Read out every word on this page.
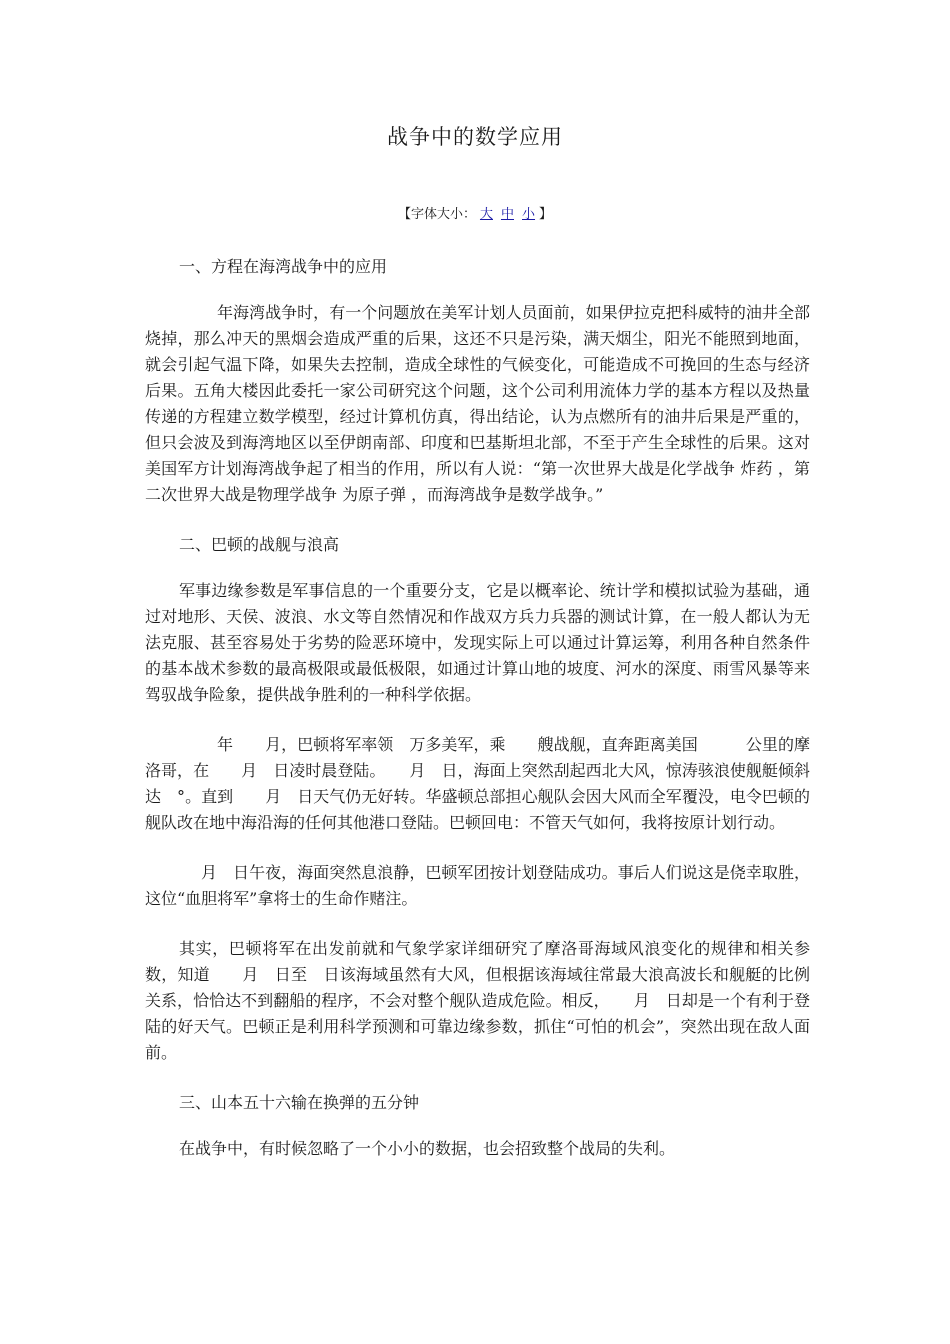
战争中的数学应用
【字体大小： 大 中 小 】
一、方程在海湾战争中的应用

年海湾战争时，有一个问题放在美军计划人员面前，如果伊拉克把科威特的油井全部烧掉，那么冲天的黑烟会造成严重的后果，这还不只是污染，满天烟尘，阳光不能照到地面，就会引起气温下降，如果失去控制，造成全球性的气候变化，可能造成不可挽回的生态与经济后果。五角大楼因此委托一家公司研究这个问题，这个公司利用流体力学的基本方程以及热量传递的方程建立数学模型，经过计算机仿真，得出结论，认为点燃所有的油井后果是严重的，但只会波及到海湾地区以至伊朗南部、印度和巴基斯坦北部，不至于产生全球性的后果。这对美国军方计划海湾战争起了相当的作用，所以有人说：“第一次世界大战是化学战争 炸药 ，第二次世界大战是物理学战争 为原子弹 ，而海湾战争是数学战争。”

二、巴顿的战舰与浪高

军事边缘参数是军事信息的一个重要分支，它是以概率论、统计学和模拟试验为基础，通过对地形、天侯、波浪、水文等自然情况和作战双方兵力兵器的测试计算，在一般人都认为无法克服、甚至容易处于劣势的险恶环境中，发现实际上可以通过计算运筹，利用各种自然条件的基本战术参数的最高极限或最低极限，如通过计算山地的坡度、河水的深度、雨雪风暴等来驾驭战争险象，提供战争胜利的一种科学依据。

年　　月，巴顿将军率领　万多美军，乘　　艘战舰，直奔距离美国　　　公里的摩洛哥，在　　月　日凌时晨登陆。　　月　日，海面上突然刮起西北大风，惊涛骇浪使舰艇倾斜达　°。直到　　月　日天气仍无好转。华盛顿总部担心舰队会因大风而全军覆没，电令巴顿的舰队改在地中海沿海的任何其他港口登陆。巴顿回电：不管天气如何，我将按原计划行动。

月　日午夜，海面突然息浪静，巴顿军团按计划登陆成功。事后人们说这是侥幸取胜，这位“血胆将军”拿将士的生命作赌注。

其实，巴顿将军在出发前就和气象学家详细研究了摩洛哥海域风浪变化的规律和相关参数，知道　　月　日至　日该海域虽然有大风，但根据该海域往常最大浪高波长和舰艇的比例关系，恰恰达不到翻船的程序，不会对整个舰队造成危险。相反，　　月　日却是一个有利于登陆的好天气。巴顿正是利用科学预测和可靠边缘参数，抓住“可怕的机会”，突然出现在敌人面前。

三、山本五十六输在换弹的五分钟

在战争中，有时候忽略了一个小小的数据，也会招致整个战局的失利。
